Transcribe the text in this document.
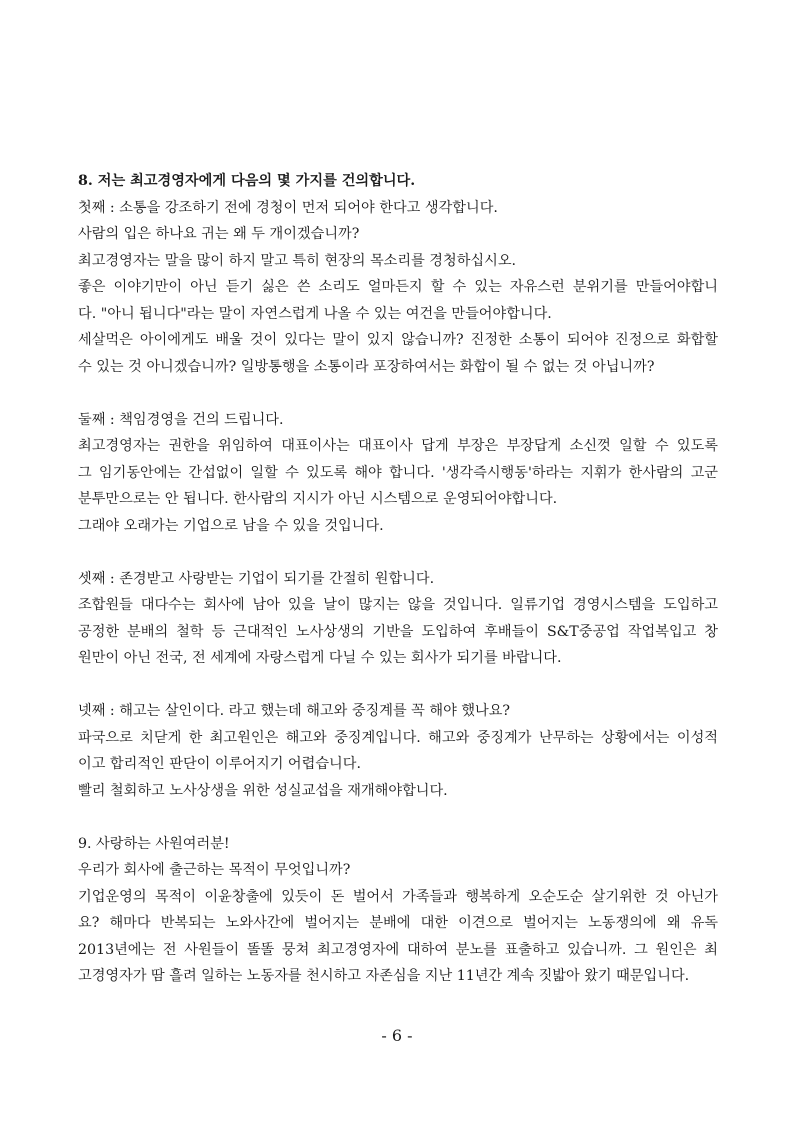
8. 저는 최고경영자에게 다음의 몇 가지를 건의합니다.
첫째 : 소통을 강조하기 전에 경청이 먼저 되어야 한다고 생각합니다.
사람의 입은 하나요 귀는 왜 두 개이겠습니까?
최고경영자는 말을 많이 하지 말고 특히 현장의 목소리를 경청하십시오.
좋은 이야기만이 아닌 듣기 싫은 쓴 소리도 얼마든지 할 수 있는 자유스런 분위기를 만들어야합니
다. "아니 됩니다"라는 말이 자연스럽게 나올 수 있는 여건을 만들어야합니다.
세살먹은 아이에게도 배울 것이 있다는 말이 있지 않습니까? 진정한 소통이 되어야 진정으로 화합할
수 있는 것 아니겠습니까? 일방통행을 소통이라 포장하여서는 화합이 될 수 없는 것 아닙니까?
둘째 : 책임경영을 건의 드립니다.
최고경영자는 권한을 위임하여 대표이사는 대표이사 답게 부장은 부장답게 소신껏 일할 수 있도록
그 임기동안에는 간섭없이 일할 수 있도록 해야 합니다. '생각즉시행동'하라는 지휘가 한사람의 고군
분투만으로는 안 됩니다. 한사람의 지시가 아닌 시스템으로 운영되어야합니다.
그래야 오래가는 기업으로 남을 수 있을 것입니다.
셋째 : 존경받고 사랑받는 기업이 되기를 간절히 원합니다.
조합원들 대다수는 회사에 남아 있을 날이 많지는 않을 것입니다. 일류기업 경영시스템을 도입하고
공정한 분배의 철학 등 근대적인 노사상생의 기반을 도입하여 후배들이 S&T중공업 작업복입고 창
원만이 아닌 전국, 전 세계에 자랑스럽게 다닐 수 있는 회사가 되기를 바랍니다.
넷째 : 해고는 살인이다. 라고 했는데 해고와 중징계를 꼭 해야 했나요?
파국으로 치닫게 한 최고원인은 해고와 중징계입니다. 해고와 중징계가 난무하는 상황에서는 이성적
이고 합리적인 판단이 이루어지기 어렵습니다.
빨리 철회하고 노사상생을 위한 성실교섭을 재개해야합니다.
9. 사랑하는 사원여러분!
우리가 회사에 출근하는 목적이 무엇입니까?
기업운영의 목적이 이윤창출에 있듯이 돈 벌어서 가족들과 행복하게 오순도순 살기위한 것 아닌가
요? 해마다 반복되는 노와사간에 벌어지는 분배에 대한 이견으로 벌어지는 노동쟁의에 왜 유독
2013년에는 전 사원들이 똘똘 뭉쳐 최고경영자에 대하여 분노를 표출하고 있습니까. 그 원인은 최
고경영자가 땀 흘려 일하는 노동자를 천시하고 자존심을 지난 11년간 계속 짓밟아 왔기 때문입니다.
- 6 -
